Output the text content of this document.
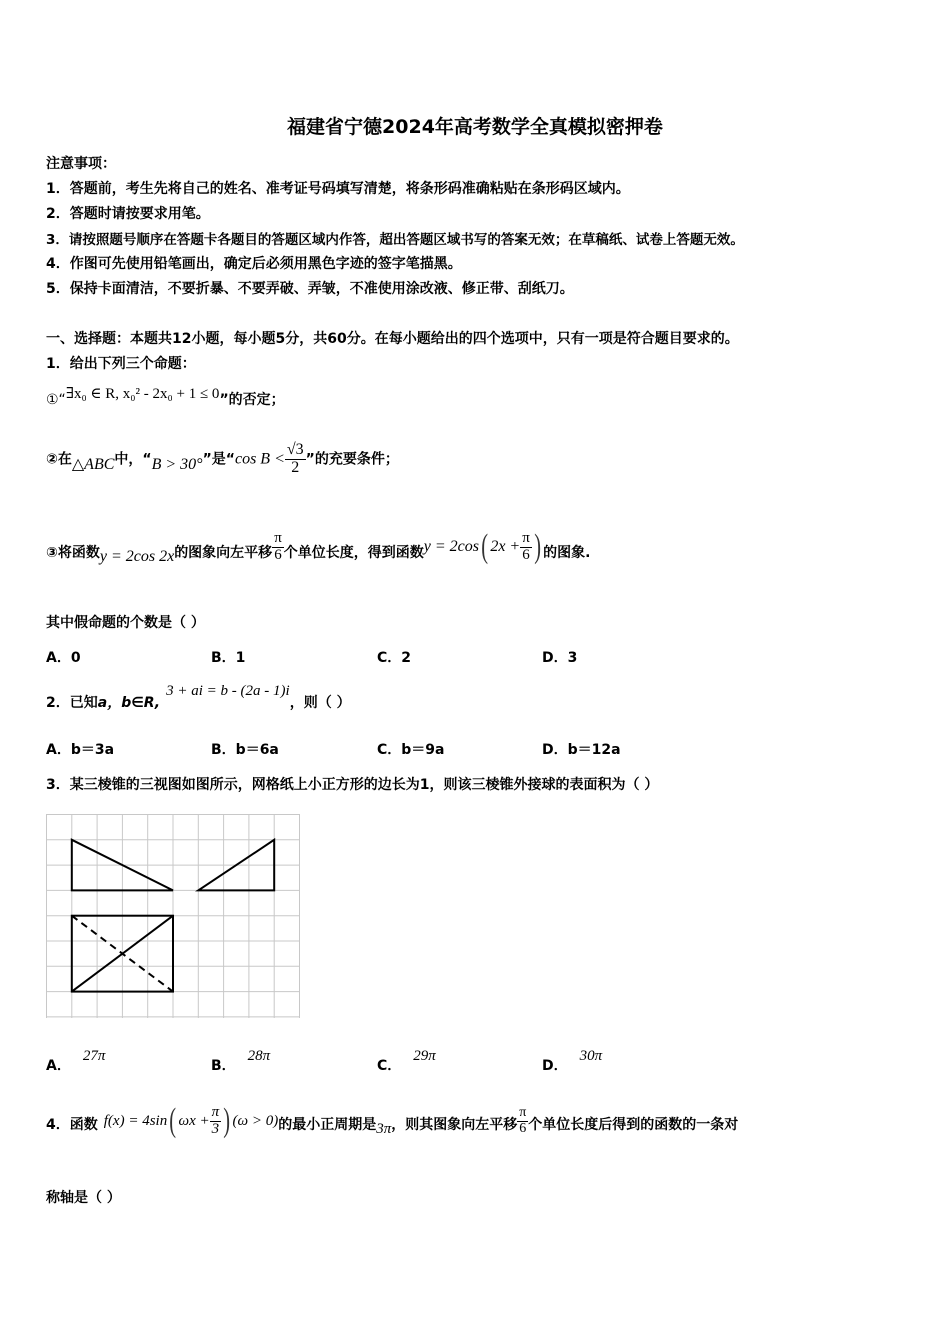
福建省宁德2024年高考数学全真模拟密押卷
注意事项：
1．答题前，考生先将自己的姓名、准考证号码填写清楚，将条形码准确粘贴在条形码区域内。
2．答题时请按要求用笔。
3．请按照题号顺序在答题卡各题目的答题区域内作答，超出答题区域书写的答案无效；在草稿纸、试卷上答题无效。
4．作图可先使用铅笔画出，确定后必须用黑色字迹的签字笔描黑。
5．保持卡面清洁，不要折暴、不要弄破、弄皱，不准使用涂改液、修正带、刮纸刀。
一、选择题：本题共12小题，每小题5分，共60分。在每小题给出的四个选项中，只有一项是符合题目要求的。
1．给出下列三个命题：
①“∃x₀ ∈ R, x₀² - 2x₀ + 1 ≤ 0”的否定；
②在△ABC中，“B > 30°”是“cos $B < \frac{√3}{2}$ ”的充要条件；
③将函数y = 2cos 2x的图象向左平移 $\frac{\pi}{6}$ 个单位长度，得到函数y = 2cos( $2x + \frac{\pi}{6}$ ) 的图象.
其中假命题的个数是（ ）
A．0	B．1	C．2	D．3
2．已知a，b∈R,3 + ai = b - (2a - 1)i，则（ ）
A．b＝3a	B．b＝6a	C．b＝9a	D．b＝12a
3．某三棱锥的三视图如图所示，网格纸上小正方形的边长为1，则该三棱锥外接球的表面积为（ ）
A．27π
B．28π
C．29π
D．30π
4．函数 f(x) = 4sin( $\omega x + \frac{\pi}{3}$ ) (ω > 0)的最小正周期是3π，则其图象向左平移 $\frac{\pi}{6}$ 个单位长度后得到的函数的一条对
称轴是（ ）
